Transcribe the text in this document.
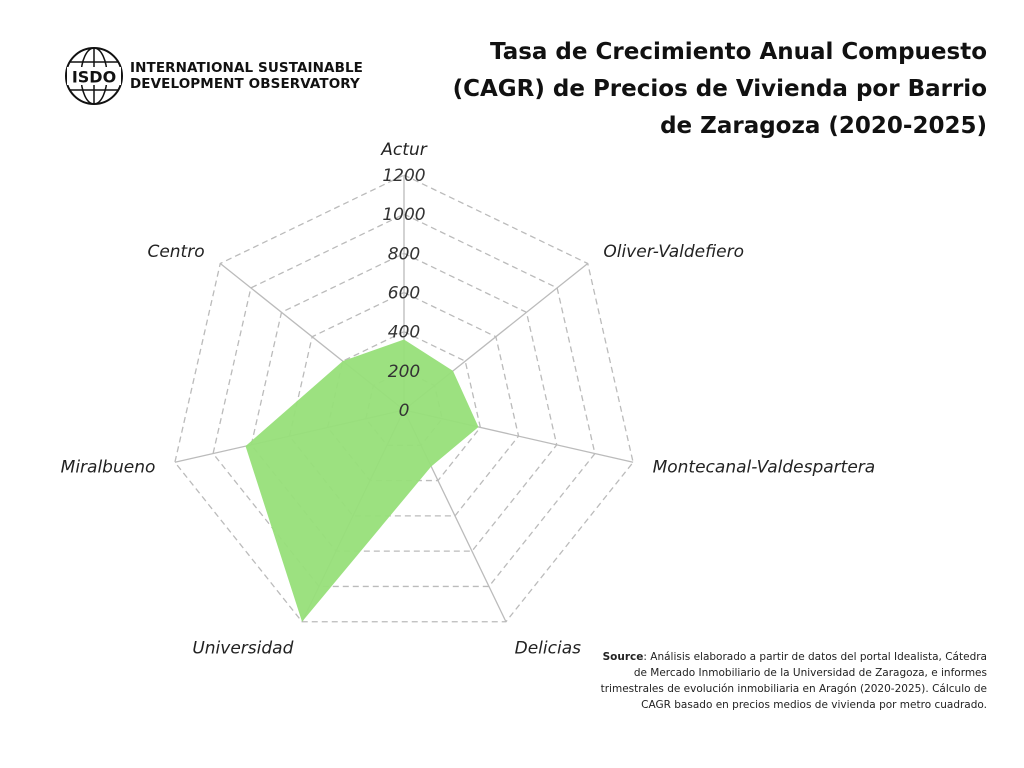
ISDO INTERNATIONAL SUSTAINABLE
DEVELOPMENT OBSERVATORY
Tasa de Crecimiento Anual Compuesto (CAGR) de Precios de Vivienda por Barrio de Zaragoza (2020-2025)
0
200
400
600
800
1000
1200
Actur
Oliver-Valdefiero
Montecanal-Valdespartera
Delicias
Universidad
Miralbueno
Centro
Source: Análisis elaborado a partir de datos del portal Idealista, Cátedra de Mercado Inmobiliario de la Universidad de Zaragoza, e informes trimestrales de evolución inmobiliaria en Aragón (2020-2025). Cálculo de CAGR basado en precios medios de vivienda por metro cuadrado.
